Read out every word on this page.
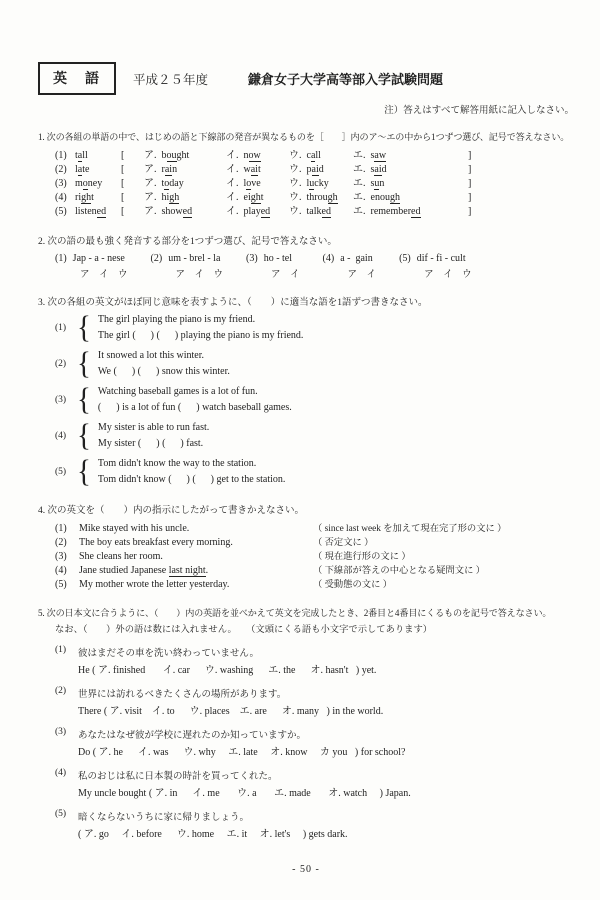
英　語	平成２５年度	鎌倉女子大学高等部入学試験問題
注）答えはすべて解答用紙に記入しなさい。
1. 次の各組の単語の中で、はじめの語と下線部の発音が異なるものを［　　］内のア～エの中から1つずつ選び、記号で答えなさい。
(1) tall	[	ア. bought	イ. now	ウ. call	エ. saw	]
(2) late	[	ア. rain	イ. wait	ウ. paid	エ. said	]
(3) money	[	ア. today	イ. love	ウ. lucky	エ. sun	]
(4) right	[	ア. high	イ. eight	ウ. through	エ. enough	]
(5) listened	[	ア. showed	イ. played	ウ. talked	エ. remembered	]
2. 次の語の最も強く発音する部分を1つずつ選び、記号で答えなさい。
(1) Jap - a - nese
ア　イ　ウ
(2) um - brel - la
ア　イ　ウ
(3) ho - tel
ア　イ
(4) a -  gain
ア　イ
(5) dif - fi - cult
ア　イ　ウ
3. 次の各組の英文がほぼ同じ意味を表すように、（　　）に適当な語を1語ずつ書きなさい。
(1) { The girl playing the piano is my friend.
The girl (      ) (      ) playing the piano is my friend.
(2) { It snowed a lot this winter.
We (      ) (      ) snow this winter.
(3) { Watching baseball games is a lot of fun.
(      ) is a lot of fun (      ) watch baseball games.
(4) { My sister is able to run fast.
My sister (      ) (      ) fast.
(5) { Tom didn't know the way to the station.
Tom didn't know (      ) (      ) get to the station.
4. 次の英文を（　　）内の指示にしたがって書きかえなさい。
(1)	Mike stayed with his uncle.	（ since last week を加えて現在完了形の文に ）
(2)	The boy eats breakfast every morning.	（ 否定文に ）
(3)	She cleans her room.	（ 現在進行形の文に ）
(4)	Jane studied Japanese last night.	（ 下線部が答えの中心となる疑問文に ）
(5)	My mother wrote the letter yesterday.	（ 受動態の文に ）
5. 次の日本文に合うように、（　　）内の英語を並べかえて英文を完成したとき、2番目と4番目にくるものを記号で答えなさい。
なお、（　　）外の語は数には入れません。　　（文頭にくる語も小文字で示してあります）
(1)	彼はまだその車を洗い終わっていません。
He ( ア. finished       イ. car      ウ. washing      エ. the      オ. hasn't   ) yet.
(2)	世界には訪れるべきたくさんの場所があります。
There ( ア. visit    イ. to      ウ. places    エ. are      オ. many   ) in the world.
(3)	あなたはなぜ彼が学校に遅れたのか知っていますか。
Do ( ア. he      イ. was      ウ. why     エ. late     オ. know     カ you   ) for school?
(4)	私のおじは私に日本製の時計を買ってくれた。
My uncle bought ( ア. in      イ. me       ウ. a       エ. made       オ. watch     ) Japan.
(5)	暗くならないうちに家に帰りましょう。
( ア. go     イ. before      ウ. home     エ. it     オ. let's     ) gets dark.
- 50 -
